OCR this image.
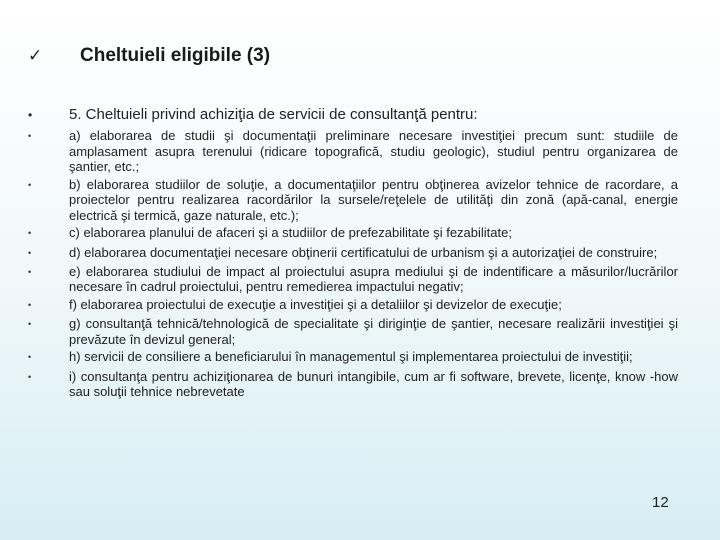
✓	Cheltuieli eligibile (3)
•	5. Cheltuieli privind achiziţia de servicii de consultanţă pentru:
•	a) elaborarea de studii şi documentaţii preliminare necesare investiţiei precum sunt: studiile de amplasament asupra terenului (ridicare topografică, studiu geologic), studiul pentru organizarea de şantier, etc.;
•	b) elaborarea studiilor de soluţie, a documentaţiilor pentru obţinerea avizelor tehnice de racordare, a proiectelor pentru realizarea racordărilor la sursele/reţelele de utilităţi din zonă (apă-canal, energie electrică şi termică, gaze naturale, etc.);
•	c) elaborarea planului de afaceri şi a studiilor de prefezabilitate şi fezabilitate;
•	d) elaborarea documentaţiei necesare obţinerii certificatului de urbanism şi a autorizaţiei de construire;
•	e) elaborarea studiului de impact al proiectului asupra mediului şi de indentificare a măsurilor/lucrărilor necesare în cadrul proiectului, pentru remedierea impactului negativ;
•	f) elaborarea proiectului de execuţie a investiţiei şi a detaliilor şi devizelor de execuţie;
•	g) consultanţă tehnică/tehnologică de specialitate şi diriginţie de şantier, necesare realizării investiţiei şi prevăzute în devizul general;
•	h) servicii de consiliere a beneficiarului în managementul şi implementarea proiectului de investiţii;
•	i) consultanţa pentru achiziţionarea de bunuri intangibile, cum ar fi software, brevete, licenţe, know -how sau soluţii tehnice nebrevetate
12
